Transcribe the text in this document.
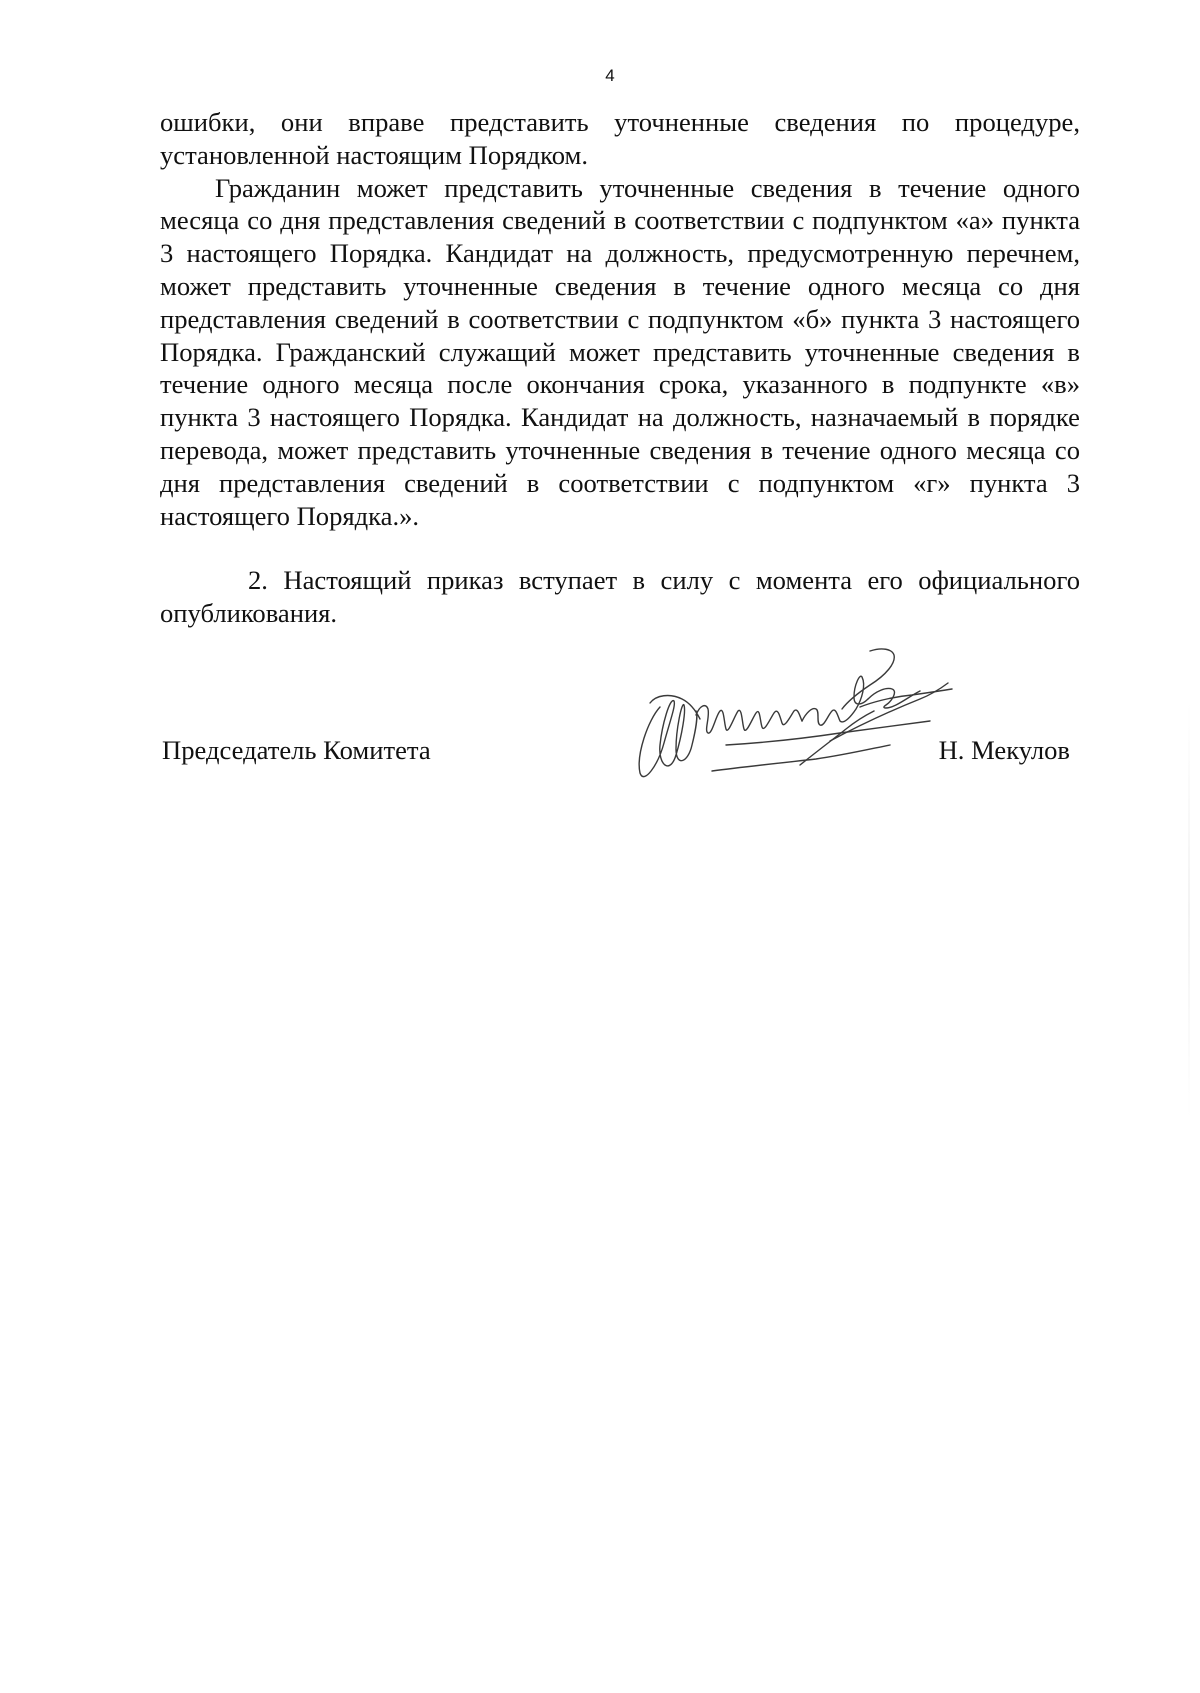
4

ошибки, они вправе представить уточненные сведения по процедуре, установленной настоящим Порядком.

Гражданин может представить уточненные сведения в течение одного месяца со дня представления сведений в соответствии с подпунктом «а» пункта 3 настоящего Порядка. Кандидат на должность, предусмотренную перечнем, может представить уточненные сведения в течение одного месяца со дня представления сведений в соответствии с подпунктом «б» пункта 3 настоящего Порядка. Гражданский служащий может представить уточненные сведения в течение одного месяца после окончания срока, указанного в подпункте «в» пункта 3 настоящего Порядка. Кандидат на должность, назначаемый в порядке перевода, может представить уточненные сведения в течение одного месяца со дня представления сведений в соответствии с подпунктом «г» пункта 3 настоящего Порядка.».

2. Настоящий приказ вступает в силу с момента его официального опубликования.

Председатель Комитета	Н. Мекулов
